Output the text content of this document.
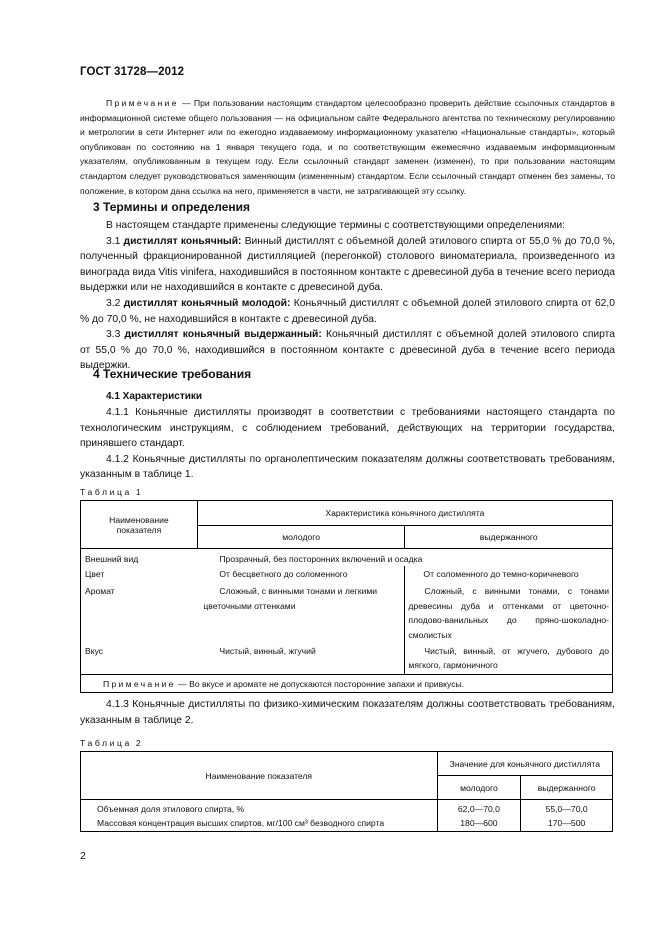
ГОСТ 31728—2012
Примечание — При пользовании настоящим стандартом целесообразно проверить действие ссылочных стандартов в информационной системе общего пользования — на официальном сайте Федерального агентства по техническому регулированию и метрологии в сети Интернет или по ежегодно издаваемому информационному указателю «Национальные стандарты», который опубликован по состоянию на 1 января текущего года, и по соответствующим ежемесячно издаваемым информационным указателям, опубликованным в текущем году. Если ссылочный стандарт заменен (изменен), то при пользовании настоящим стандартом следует руководствоваться заменяющим (измененным) стандартом. Если ссылочный стандарт отменен без замены, то положение, в котором дана ссылка на него, применяется в части, не затрагивающей эту ссылку.
3 Термины и определения

В настоящем стандарте применены следующие термины с соответствующими определениями:

3.1 дистиллят коньячный: Винный дистиллят с объемной долей этилового спирта от 55,0 % до 70,0 %, полученный фракционированной дистилляцией (перегонкой) столового виноматериала, произведенного из винограда вида Vitis vinifera, находившийся в постоянном контакте с древесиной дуба в течение всего периода выдержки или не находившийся в контакте с древесиной дуба.

3.2 дистиллят коньячный молодой: Коньячный дистиллят с объемной долей этилового спирта от 62,0 % до 70,0 %, не находившийся в контакте с древесиной дуба.

3.3 дистиллят коньячный выдержанный: Коньячный дистиллят с объемной долей этилового спирта от 55,0 % до 70,0 %, находившийся в постоянном контакте с древесиной дуба в течение всего периода выдержки.

4 Технические требования
4.1 Характеристики

4.1.1 Коньячные дистилляты производят в соответствии с требованиями настоящего стандарта по технологическим инструкциям, с соблюдением требований, действующих на территории государства, принявшего стандарт.

4.1.2 Коньячные дистилляты по органолептическим показателям должны соответствовать требованиям, указанным в таблице 1.

Таблица 1
Наименование показателя	Характеристика коньячного дистиллята	
	молодого	выдержанного
Внешний вид	Прозрачный, без посторонних включений и осадка	
Цвет	От бесцветного до соломенного	От соломенного до темно-коричневого
Аромат	Сложный, с винными тонами и легкими цветочными оттенками	Сложный, с винными тонами, с тонами древесины дуба и оттенками от цветочно-плодово-ванильных до пряно-шоколадно-смолистых
Вкус	Чистый, винный, жгучий	Чистый, винный, от жгучего, дубового до мягкого, гармоничного
Примечание — Во вкусе и аромате не допускаются посторонние запахи и привкусы.		

4.1.3 Коньячные дистилляты по физико-химическим показателям должны соответствовать требованиям, указанным в таблице 2.

Таблица 2
Наименование показателя	Значение для коньячного дистиллята	
	молодого	выдержанного
Объемная доля этилового спирта, %	62,0—70,0	55,0—70,0
Массовая концентрация высших спиртов, мг/100 см³ безводного спирта	180—600	170—500
2
